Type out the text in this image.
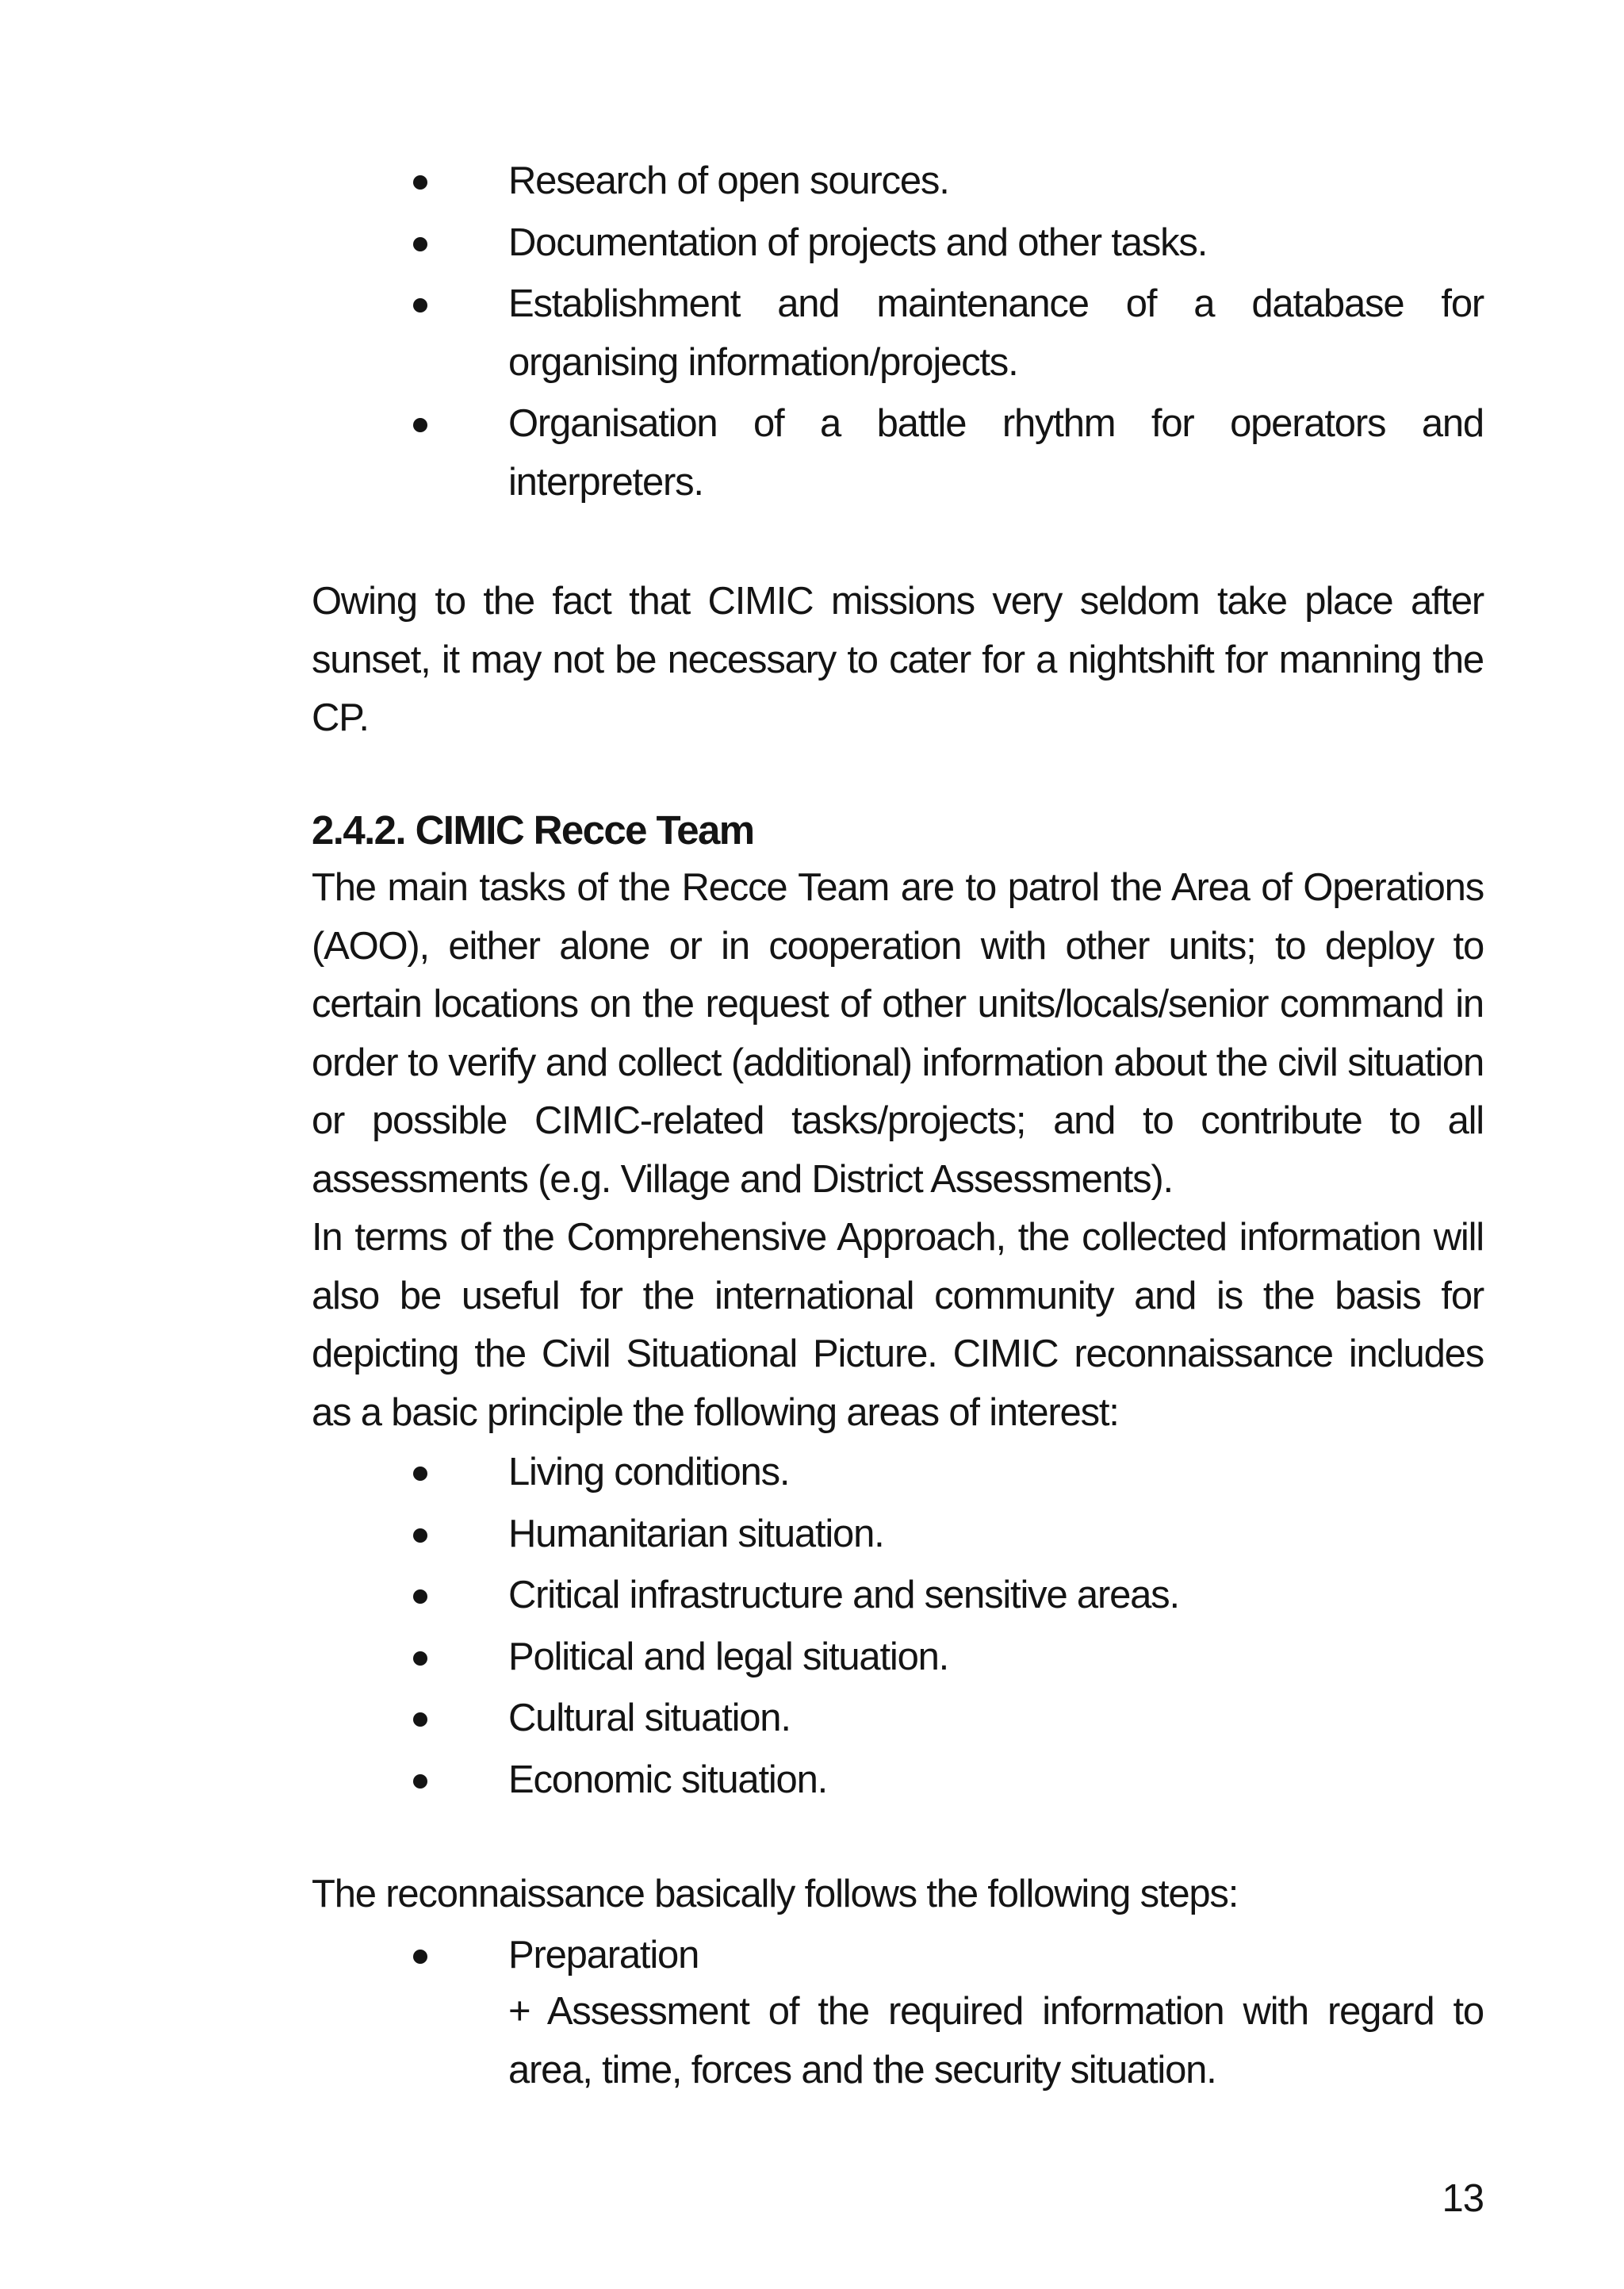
Research of open sources.
Documentation of projects and other tasks.
Establishment and maintenance of a database for organising information/projects.
Organisation of a battle rhythm for operators and interpreters.

Owing to the fact that CIMIC missions very seldom take place after sunset, it may not be necessary to cater for a nightshift for manning the CP.

2.4.2. CIMIC Recce Team

The main tasks of the Recce Team are to patrol the Area of Operations (AOO), either alone or in cooperation with other units; to deploy to certain locations on the request of other units/locals/senior command in order to verify and collect (additional) information about the civil situation or possible CIMIC-related tasks/projects; and to contribute to all assessments (e.g. Village and District Assessments).

In terms of the Comprehensive Approach, the collected information will also be useful for the international community and is the basis for depicting the Civil Situational Picture. CIMIC reconnaissance includes as a basic principle the following areas of interest:

Living conditions.
Humanitarian situation.
Critical infrastructure and sensitive areas.
Political and legal situation.
Cultural situation.
Economic situation.

The reconnaissance basically follows the following steps:

Preparation

+ Assessment of the required information with regard to area, time, forces and the security situation.

13
